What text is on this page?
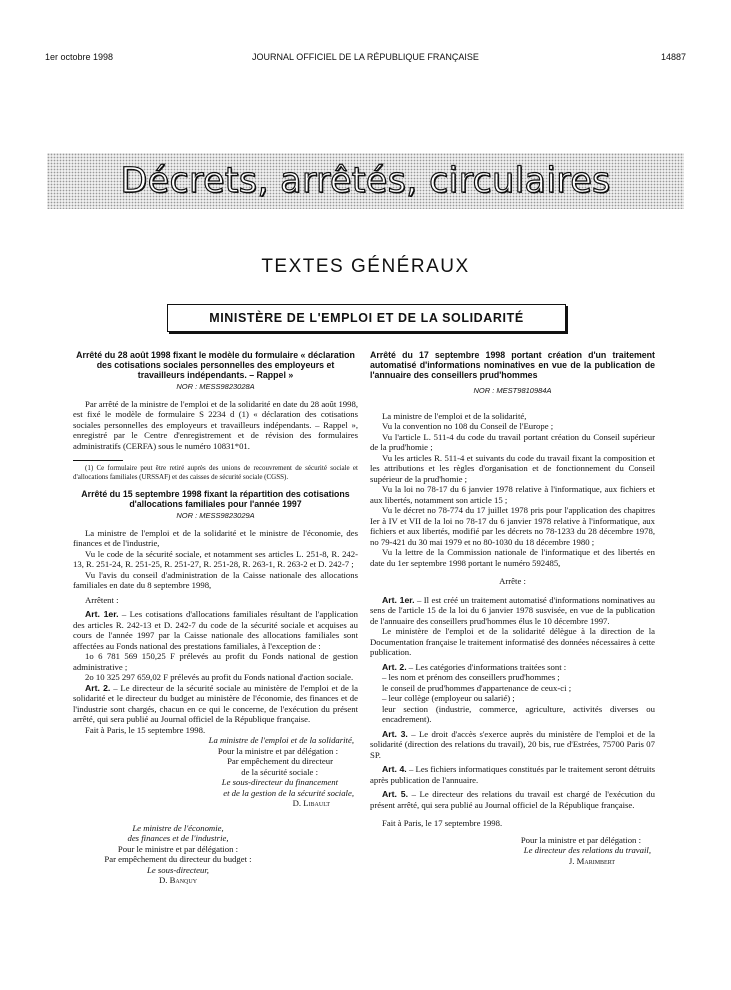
1er octobre 1998	JOURNAL OFFICIEL DE LA RÉPUBLIQUE FRANÇAISE	14887
Décrets, arrêtés, circulaires
TEXTES GÉNÉRAUX
MINISTÈRE DE L'EMPLOI ET DE LA SOLIDARITÉ

Arrêté du 28 août 1998 fixant le modèle du formulaire « déclaration des cotisations sociales personnelles des employeurs et travailleurs indépendants. – Rappel »

NOR : MESS9823028A

Par arrêté de la ministre de l'emploi et de la solidarité en date du 28 août 1998, est fixé le modèle de formulaire S 2234 d (1) « déclaration des cotisations sociales personnelles des employeurs et travailleurs indépendants. – Rappel », enregistré par le Centre d'enregistrement et de révision des formulaires administratifs (CERFA) sous le numéro 10831*01.

(1) Ce formulaire peut être retiré auprès des unions de recouvrement de sécurité sociale et d'allocations familiales (URSSAF) et des caisses de sécurité sociale (CGSS).

Arrêté du 15 septembre 1998 fixant la répartition des cotisations d'allocations familiales pour l'année 1997

NOR : MESS9823029A

La ministre de l'emploi et de la solidarité et le ministre de l'économie, des finances et de l'industrie,

Vu le code de la sécurité sociale, et notamment ses articles L. 251-8, R. 242-13, R. 251-24, R. 251-25, R. 251-27, R. 251-28, R. 263-1, R. 263-2 et D. 242-7 ;

Vu l'avis du conseil d'administration de la Caisse nationale des allocations familiales en date du 8 septembre 1998,

Arrêtent :

Art. 1er. – Les cotisations d'allocations familiales résultant de l'application des articles R. 242-13 et D. 242-7 du code de la sécurité sociale et acquises au cours de l'année 1997 par la Caisse nationale des allocations familiales sont affectées au Fonds national des prestations familiales, à l'exception de :

1o 6 781 569 150,25 F prélevés au profit du Fonds national de gestion administrative ;

2o 10 325 297 659,02 F prélevés au profit du Fonds national d'action sociale.

Art. 2. – Le directeur de la sécurité sociale au ministère de l'emploi et de la solidarité et le directeur du budget au ministère de l'économie, des finances et de l'industrie sont chargés, chacun en ce qui le concerne, de l'exécution du présent arrêté, qui sera publié au Journal officiel de la République française.

Fait à Paris, le 15 septembre 1998.

La ministre de l'emploi et de la solidarité,

Pour la ministre et par délégation :

Par empêchement du directeur

de la sécurité sociale :

Le sous-directeur du financement

et de la gestion de la sécurité sociale,

D. Libault

Le ministre de l'économie,

des finances et de l'industrie,

Pour le ministre et par délégation :

Par empêchement du directeur du budget :

Le sous-directeur,

D. Banquy

Arrêté du 17 septembre 1998 portant création d'un traitement automatisé d'informations nominatives en vue de la publication de l'annuaire des conseillers prud'hommes

NOR : MEST9810984A

La ministre de l'emploi et de la solidarité,

Vu la convention no 108 du Conseil de l'Europe ;

Vu l'article L. 511-4 du code du travail portant création du Conseil supérieur de la prud'homie ;

Vu les articles R. 511-4 et suivants du code du travail fixant la composition et les attributions et les règles d'organisation et de fonctionnement du Conseil supérieur de la prud'homie ;

Vu la loi no 78-17 du 6 janvier 1978 relative à l'informatique, aux fichiers et aux libertés, notamment son article 15 ;

Vu le décret no 78-774 du 17 juillet 1978 pris pour l'application des chapitres Ier à IV et VII de la loi no 78-17 du 6 janvier 1978 relative à l'informatique, aux fichiers et aux libertés, modifié par les décrets no 78-1233 du 28 décembre 1978, no 79-421 du 30 mai 1979 et no 80-1030 du 18 décembre 1980 ;

Vu la lettre de la Commission nationale de l'informatique et des libertés en date du 1er septembre 1998 portant le numéro 592485,

Arrête :

Art. 1er. – Il est créé un traitement automatisé d'informations nominatives au sens de l'article 15 de la loi du 6 janvier 1978 susvisée, en vue de la publication de l'annuaire des conseillers prud'hommes élus le 10 décembre 1997.

Le ministère de l'emploi et de la solidarité délègue à la direction de la Documentation française le traitement informatisé des données nécessaires à cette publication.

Art. 2. – Les catégories d'informations traitées sont :

– les nom et prénom des conseillers prud'hommes ;

le conseil de prud'hommes d'appartenance de ceux-ci ;

– leur collège (employeur ou salarié) ;

leur section (industrie, commerce, agriculture, activités diverses ou encadrement).

Art. 3. – Le droit d'accès s'exerce auprès du ministère de l'emploi et de la solidarité (direction des relations du travail), 20 bis, rue d'Estrées, 75700 Paris 07 SP.

Art. 4. – Les fichiers informatiques constitués par le traitement seront détruits après publication de l'annuaire.

Art. 5. – Le directeur des relations du travail est chargé de l'exécution du présent arrêté, qui sera publié au Journal officiel de la République française.

Fait à Paris, le 17 septembre 1998.

Pour la ministre et par délégation :

Le directeur des relations du travail,

J. Marimbert
